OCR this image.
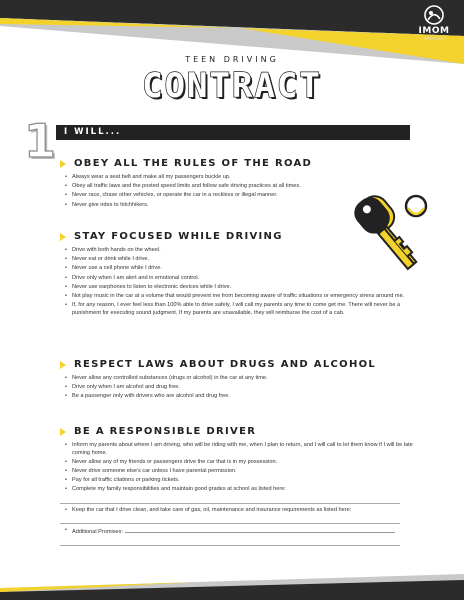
IMOM
iMOM.com
TEEN DRIVING
CONTRACT
1 I WILL...
OBEY ALL THE RULES OF THE ROAD
• Always wear a seat belt and make all my passengers buckle up.
• Obey all traffic laws and the posted speed limits and follow safe driving practices at all times.
• Never race, chase other vehicles, or operate the car in a reckless or illegal manner.
• Never give rides to hitchhikers.
STAY FOCUSED WHILE DRIVING
• Drive with both hands on the wheel.
• Never eat or drink while I drive.
• Never use a cell phone while I drive.
• Drive only when I am alert and in emotional control.
• Never use earphones to listen to electronic devices while I drive.
• Not play music in the car at a volume that would prevent me from becoming aware of traffic situations or emergency sirens around me.
• If, for any reason, I ever feel less than 100% able to drive safely, I will call my parents any time to come get me. There will never be a punishment for executing sound judgment. If my parents are unavailable, they will reimburse the cost of a cab.
RESPECT LAWS ABOUT DRUGS AND ALCOHOL
• Never allow any controlled substances (drugs or alcohol) in the car at any time.
• Drive only when I am alcohol and drug free.
• Be a passenger only with drivers who are alcohol and drug free.
BE A RESPONSIBLE DRIVER
• Inform my parents about where I am driving, who will be riding with me, when I plan to return, and I will call to let them know if I will be late coming home.
• Never allow any of my friends or passengers drive the car that is in my possession.
• Never drive someone else's car unless I have parental permission.
• Pay for all traffic citations or parking tickets.
• Complete my family responsibilities and maintain good grades at school as listed here:
• Keep the car that I drive clean, and take care of gas, oil, maintenance and insurance requirements as listed here:
• Additional Promises:
